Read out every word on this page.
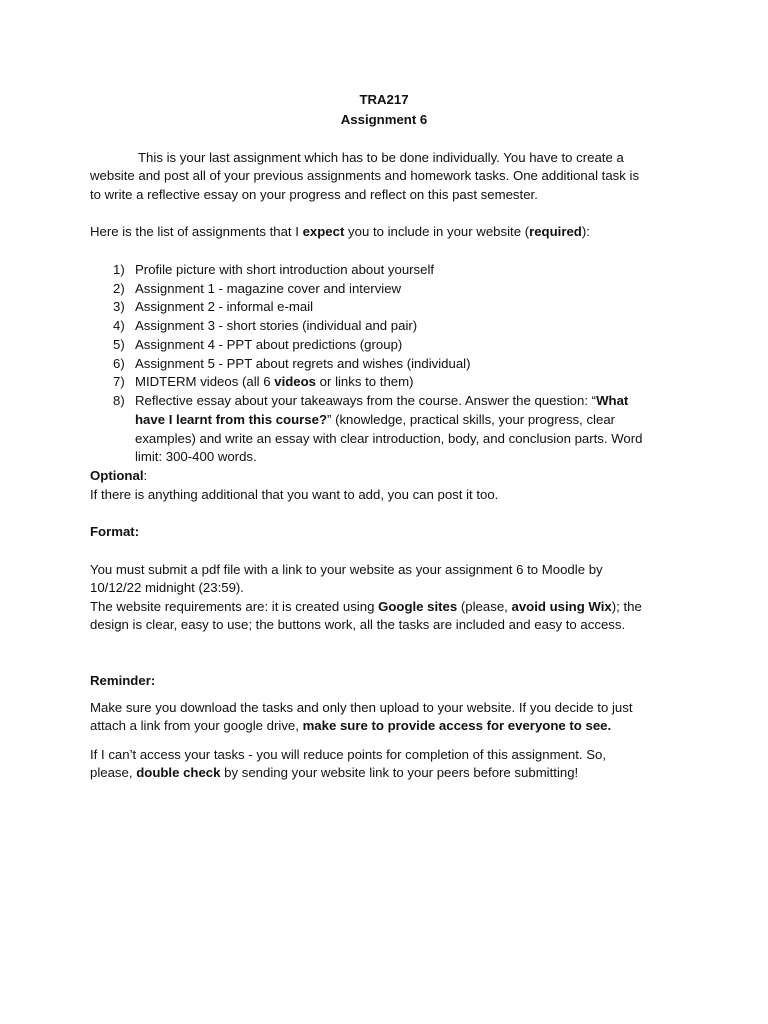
TRA217
Assignment 6
This is your last assignment which has to be done individually. You have to create a
website and post all of your previous assignments and homework tasks. One additional task is
to write a reflective essay on your progress and reflect on this past semester.
Here is the list of assignments that I expect you to include in your website (required):
1) Profile picture with short introduction about yourself
2) Assignment 1 - magazine cover and interview
3) Assignment 2 - informal e-mail
4) Assignment 3 - short stories (individual and pair)
5) Assignment 4 - PPT about predictions (group)
6) Assignment 5 - PPT about regrets and wishes (individual)
7) MIDTERM videos (all 6 videos or links to them)
8) Reflective essay about your takeaways from the course. Answer the question: “What
have I learnt from this course?” (knowledge, practical skills, your progress, clear
examples) and write an essay with clear introduction, body, and conclusion parts. Word
limit: 300-400 words.
Optional:
If there is anything additional that you want to add, you can post it too.
Format:
You must submit a pdf file with a link to your website as your assignment 6 to Moodle by
10/12/22 midnight (23:59).
The website requirements are: it is created using Google sites (please, avoid using Wix); the
design is clear, easy to use; the buttons work, all the tasks are included and easy to access.
Reminder:
Make sure you download the tasks and only then upload to your website. If you decide to just
attach a link from your google drive, make sure to provide access for everyone to see.
If I can’t access your tasks - you will reduce points for completion of this assignment. So,
please, double check by sending your website link to your peers before submitting!
